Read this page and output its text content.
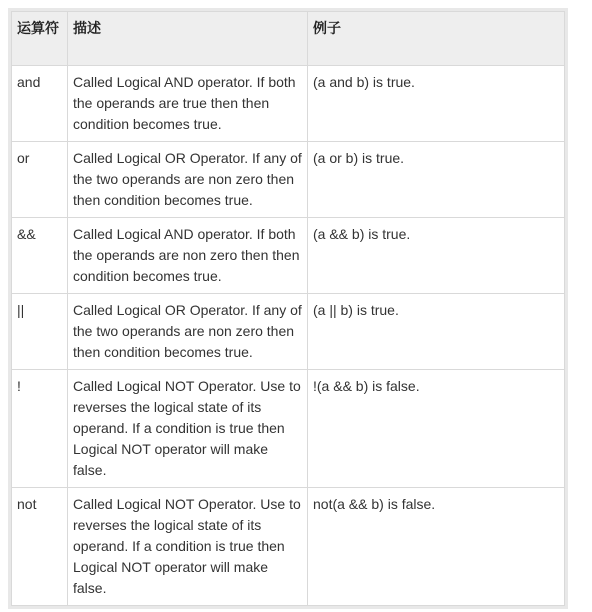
运算符	描述	例子
and	Called Logical AND operator. If both the operands are true then then condition becomes true.	(a and b) is true.
or	Called Logical OR Operator. If any of the two operands are non zero then then condition becomes true.	(a or b) is true.
&&	Called Logical AND operator. If both the operands are non zero then then condition becomes true.	(a && b) is true.
||	Called Logical OR Operator. If any of the two operands are non zero then then condition becomes true.	(a || b) is true.
!	Called Logical NOT Operator. Use to reverses the logical state of its operand. If a condition is true then Logical NOT operator will make false.	!(a && b) is false.
not	Called Logical NOT Operator. Use to reverses the logical state of its operand. If a condition is true then Logical NOT operator will make false.	not(a && b) is false.
